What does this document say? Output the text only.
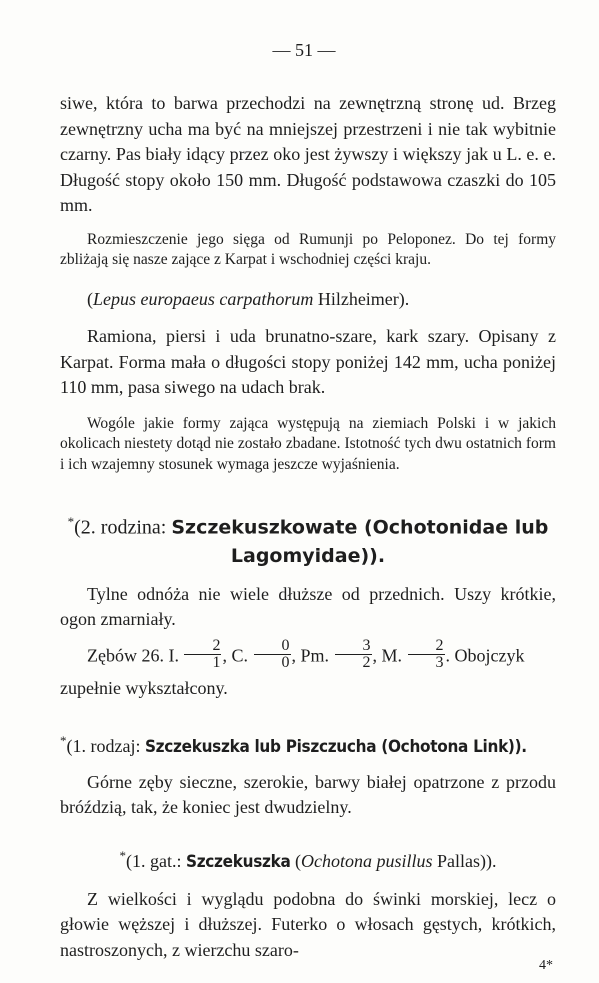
— 51 —

siwe, która to barwa przechodzi na zewnętrzną stronę ud. Brzeg zewnętrzny ucha ma być na mniejszej przestrzeni i nie tak wybitnie czarny. Pas biały idący przez oko jest żywszy i większy jak u L. e. e. Długość stopy około 150 mm. Długość podstawowa czaszki do 105 mm.

Rozmieszczenie jego sięga od Rumunji po Peloponez. Do tej formy zbliżają się nasze zające z Karpat i wschodniej części kraju.

(Lepus europaeus carpathorum Hilzheimer).

Ramiona, piersi i uda brunatno-szare, kark szary. Opisany z Karpat. Forma mała o długości stopy poniżej 142 mm, ucha poniżej 110 mm, pasa siwego na udach brak.

Wogóle jakie formy zająca występują na ziemiach Polski i w jakich okolicach niestety dotąd nie zostało zbadane. Istotność tych dwu ostatnich form i ich wzajemny stosunek wymaga jeszcze wyjaśnienia.

*(2. rodzina: Szczekuszkowate (Ochotonidae lub Lagomyidae)).

Tylne odnóża nie wiele dłuższe od przednich. Uszy krótkie, ogon zmarniały.

Zębów 26. I. $\frac{2}{1}$ , C. $\frac{0}{0}$ , Pm. $\frac{3}{2}$ , M. $\frac{2}{3}$ . Obojczyk zupełnie wykształcony.

*(1. rodzaj: Szczekuszka lub Piszczucha (Ochotona Link)).

Górne zęby sieczne, szerokie, barwy białej opatrzone z przodu bróździą, tak, że koniec jest dwudzielny.

*(1. gat.: Szczekuszka (Ochotona pusillus Pallas)).

Z wielkości i wyglądu podobna do świnki morskiej, lecz o głowie węższej i dłuższej. Futerko o włosach gęstych, krótkich, nastroszonych, z wierzchu szaro-

4*
